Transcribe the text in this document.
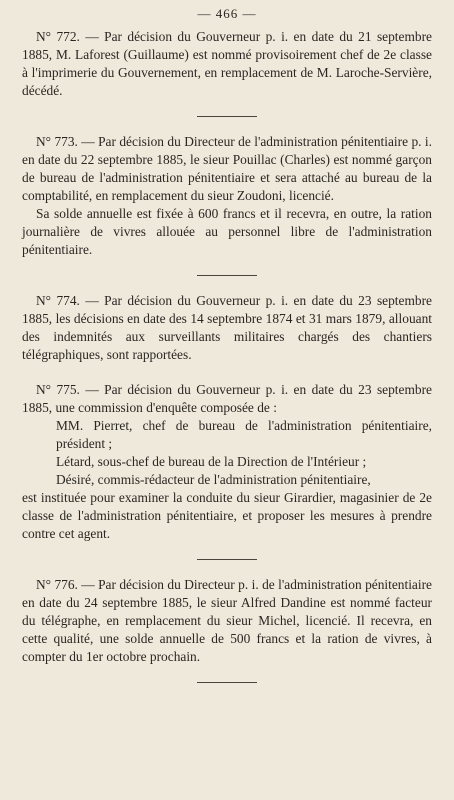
— 466 —

N° 772. — Par décision du Gouverneur p. i. en date du 21 septembre 1885, M. Laforest (Guillaume) est nommé provisoirement chef de 2e classe à l'imprimerie du Gouvernement, en remplacement de M. Laroche-Servière, décédé.

N° 773. — Par décision du Directeur de l'administration pénitentiaire p. i. en date du 22 septembre 1885, le sieur Pouillac (Charles) est nommé garçon de bureau de l'administration pénitentiaire et sera attaché au bureau de la comptabilité, en remplacement du sieur Zoudoni, licencié.

Sa solde annuelle est fixée à 600 francs et il recevra, en outre, la ration journalière de vivres allouée au personnel libre de l'administration pénitentiaire.

N° 774. — Par décision du Gouverneur p. i. en date du 23 septembre 1885, les décisions en date des 14 septembre 1874 et 31 mars 1879, allouant des indemnités aux surveillants militaires chargés des chantiers télégraphiques, sont rapportées.

N° 775. — Par décision du Gouverneur p. i. en date du 23 septembre 1885, une commission d'enquête composée de :

MM. Pierret, chef de bureau de l'administration pénitentiaire, président ;
Létard, sous-chef de bureau de la Direction de l'Intérieur ;
Désiré, commis-rédacteur de l'administration pénitentiaire,

est instituée pour examiner la conduite du sieur Girardier, magasinier de 2e classe de l'administration pénitentiaire, et proposer les mesures à prendre contre cet agent.

N° 776. — Par décision du Directeur p. i. de l'administration pénitentiaire en date du 24 septembre 1885, le sieur Alfred Dandine est nommé facteur du télégraphe, en remplacement du sieur Michel, licencié. Il recevra, en cette qualité, une solde annuelle de 500 francs et la ration de vivres, à compter du 1er octobre prochain.
